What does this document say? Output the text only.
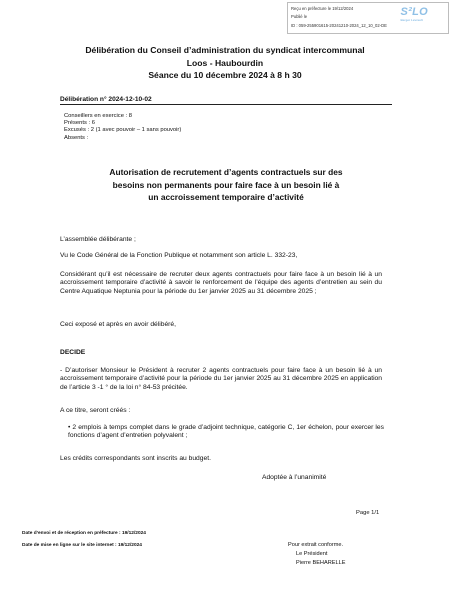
Reçu en préfecture le 19/12/2024
Publié le
ID : 059-255901615-20241210-2024_12_10_02-DE
S²LO
Berger Levrault
Délibération du Conseil d’administration du syndicat intercommunal
Loos - Haubourdin
Séance du 10 décembre 2024 à 8 h 30
Délibération n° 2024-12-10-02
Conseillers en exercice : 8
Présents : 6
Excusés : 2 (1 avec pouvoir – 1 sans pouvoir)
Absents :
Autorisation de recrutement d’agents contractuels sur des
besoins non permanents pour faire face à un besoin lié à
un accroissement temporaire d’activité
L’assemblée délibérante ;
Vu le Code Général de la Fonction Publique et notamment son article L. 332-23,
Considérant qu’il est nécessaire de recruter deux agents contractuels pour faire face à un besoin lié à un accroissement temporaire d’activité à savoir le renforcement de l’équipe des agents d’entretien au sein du Centre Aquatique Neptunia pour la période du 1er janvier 2025 au 31 décembre 2025 ;
Ceci exposé et après en avoir délibéré,
DECIDE
- D’autoriser Monsieur le Président à recruter 2 agents contractuels pour faire face à un besoin lié à un accroissement temporaire d’activité pour la période du 1er janvier 2025 au 31 décembre 2025 en application de l’article 3 -1 ° de la loi n° 84-53 précitée.
A ce titre, seront créés :
• 2 emplois à temps complet dans le grade d’adjoint technique, catégorie C, 1er échelon, pour exercer les fonctions d’agent d’entretien polyvalent ;
Les crédits correspondants sont inscrits au budget.
Adoptée à l’unanimité
Page 1/1
Date d’envoi et de réception en préfecture : 19/12/2024
Date de mise en ligne sur le site internet : 19/12/2024	Pour extrait conforme.
Le Président
Pierre BEHARELLE
